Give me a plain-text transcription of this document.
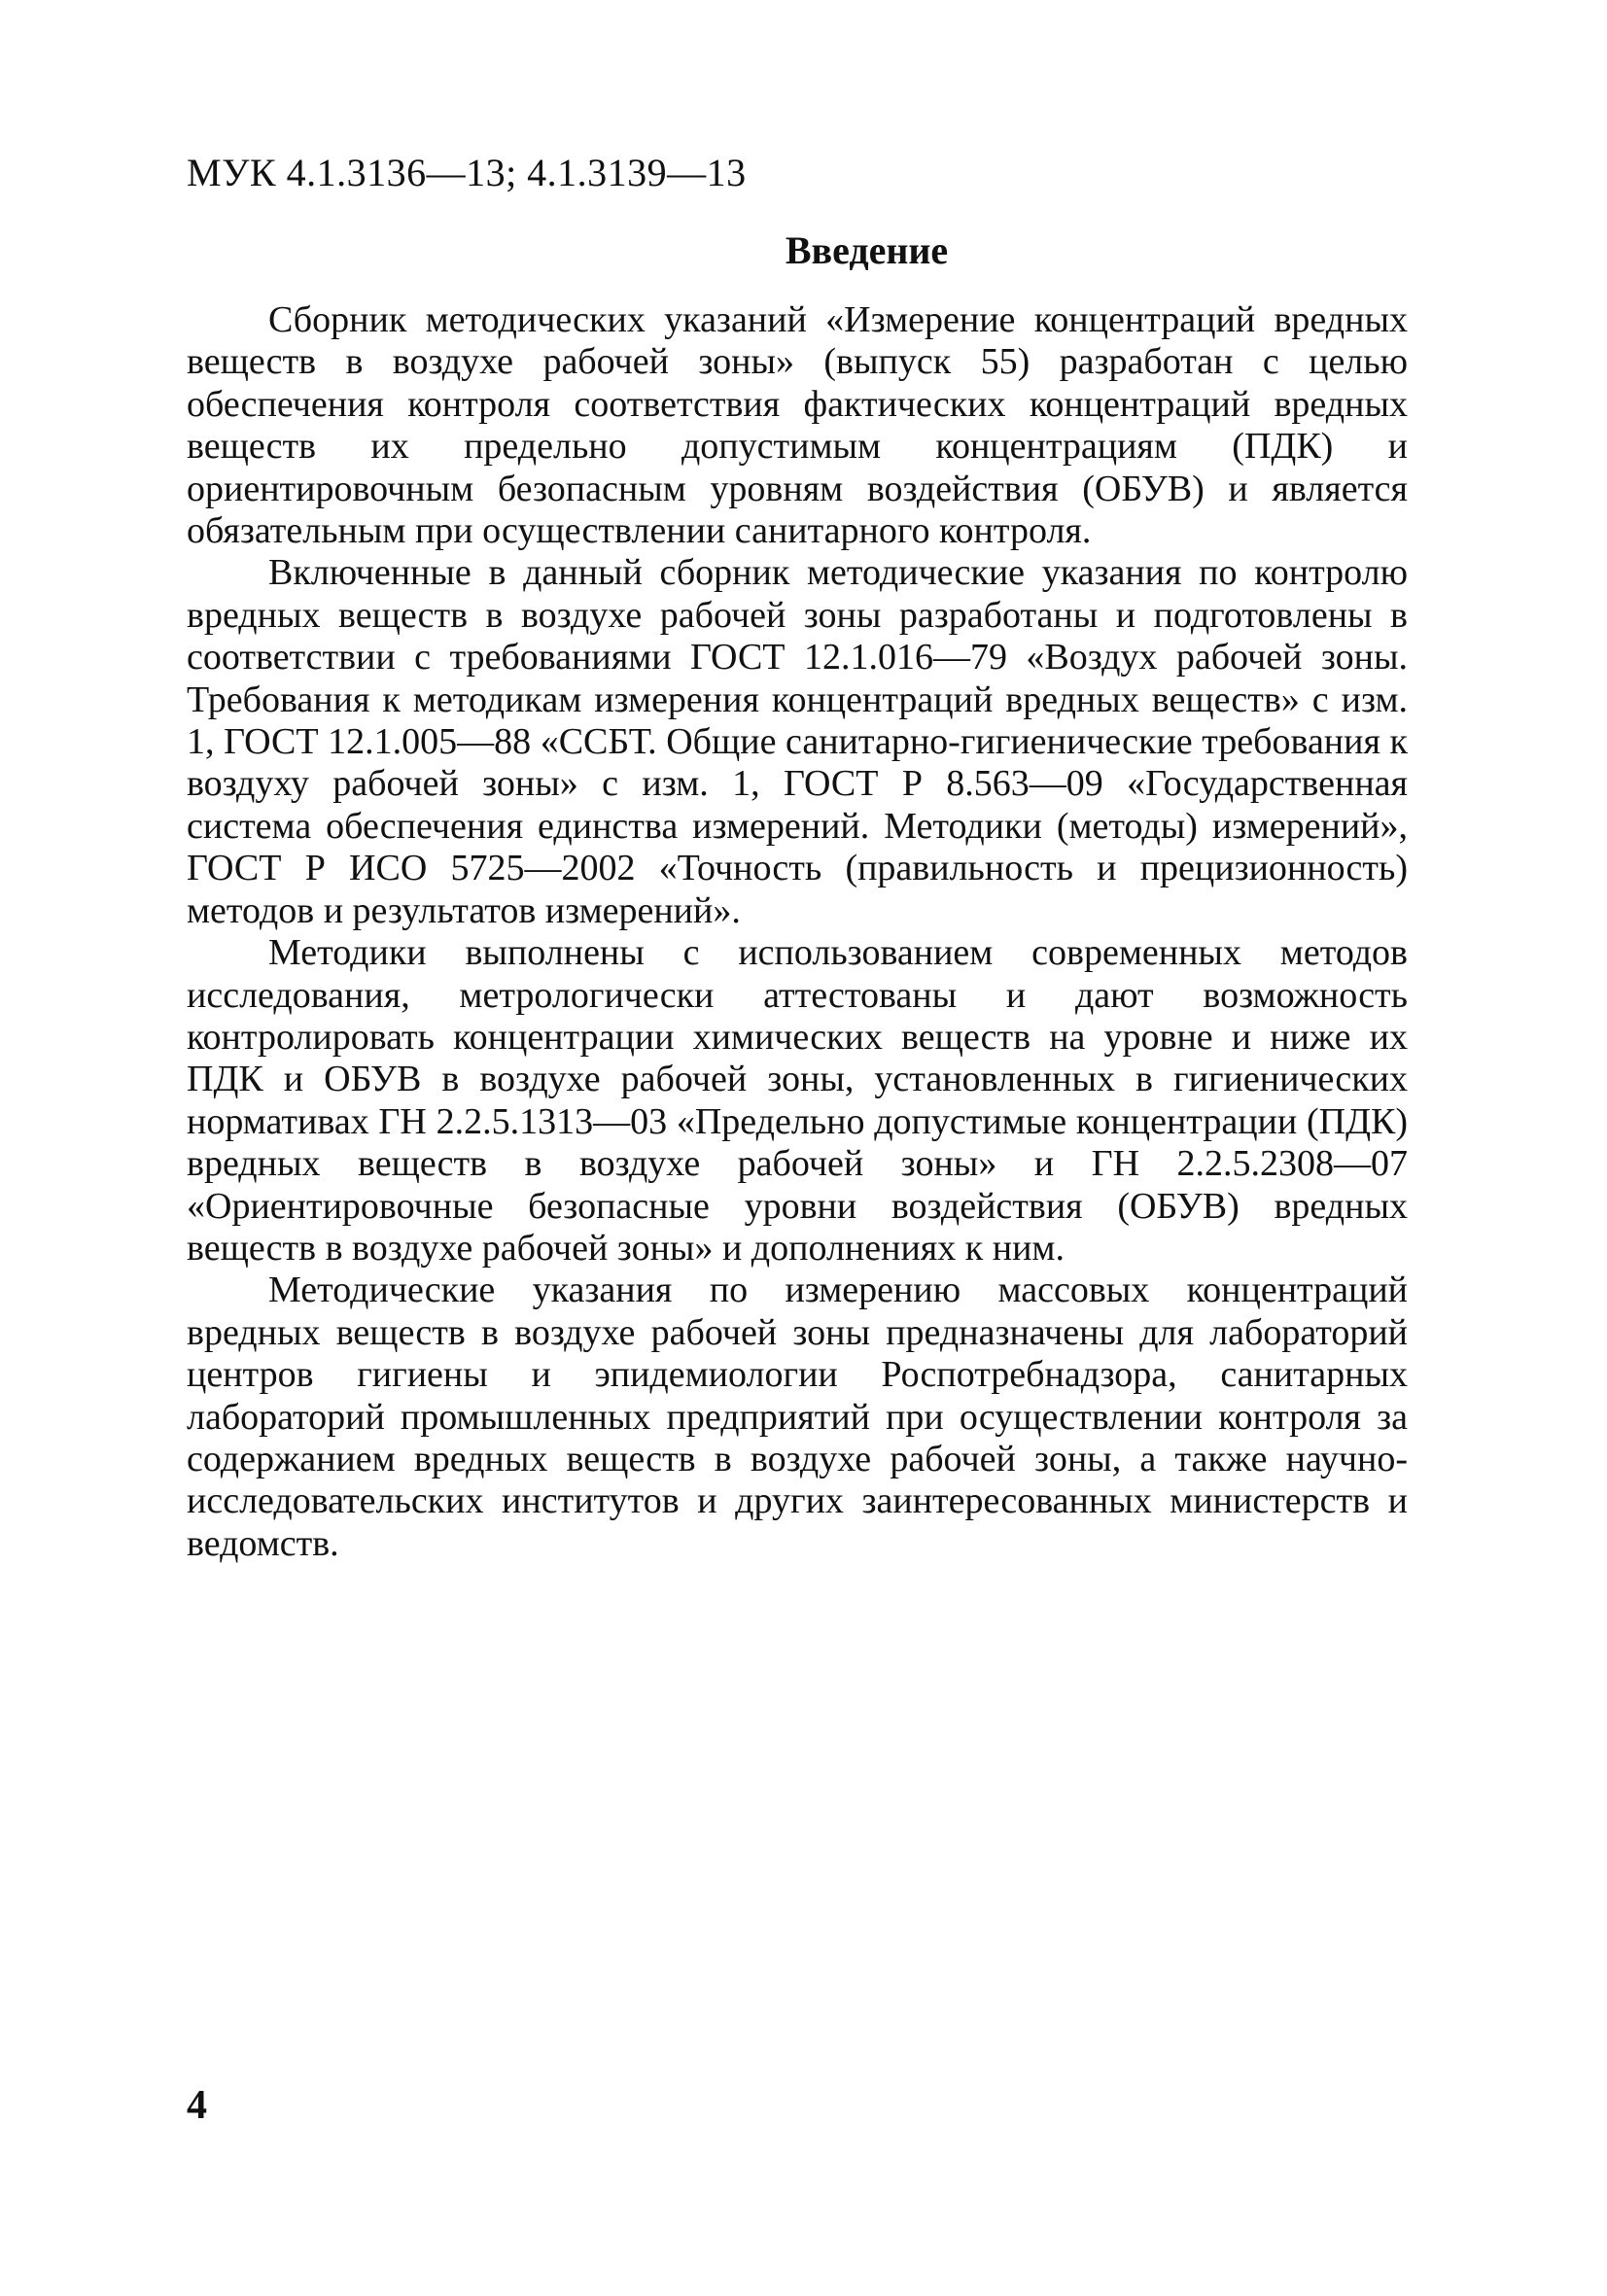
МУК 4.1.3136—13; 4.1.3139—13
Введение

Сборник методических указаний «Измерение концентраций вредных веществ в воздухе рабочей зоны» (выпуск 55) разработан с целью обеспечения контроля соответствия фактических концентраций вредных веществ их предельно допустимым концентрациям (ПДК) и ориентировочным безопасным уровням воздействия (ОБУВ) и является обязательным при осуществлении санитарного контроля.

Включенные в данный сборник методические указания по контролю вредных веществ в воздухе рабочей зоны разработаны и подготовлены в соответствии с требованиями ГОСТ 12.1.016—79 «Воздух рабочей зоны. Требования к методикам измерения концентраций вредных веществ» с изм. 1, ГОСТ 12.1.005—88 «ССБТ. Общие санитарно-гигиенические требования к воздуху рабочей зоны» с изм. 1, ГОСТ Р 8.563—09 «Государственная система обеспечения единства измерений. Методики (методы) измерений», ГОСТ Р ИСО 5725—2002 «Точность (правильность и прецизионность) методов и результатов измерений».

Методики выполнены с использованием современных методов исследования, метрологически аттестованы и дают возможность контролировать концентрации химических веществ на уровне и ниже их ПДК и ОБУВ в воздухе рабочей зоны, установленных в гигиенических нормативах ГН 2.2.5.1313—03 «Предельно допустимые концентрации (ПДК) вредных веществ в воздухе рабочей зоны» и ГН 2.2.5.2308—07 «Ориентировочные безопасные уровни воздействия (ОБУВ) вредных веществ в воздухе рабочей зоны» и дополнениях к ним.

Методические указания по измерению массовых концентраций вредных веществ в воздухе рабочей зоны предназначены для лабораторий центров гигиены и эпидемиологии Роспотребнадзора, санитарных лабораторий промышленных предприятий при осуществлении контроля за содержанием вредных веществ в воздухе рабочей зоны, а также научно-исследовательских институтов и других заинтересованных министерств и ведомств.

4
